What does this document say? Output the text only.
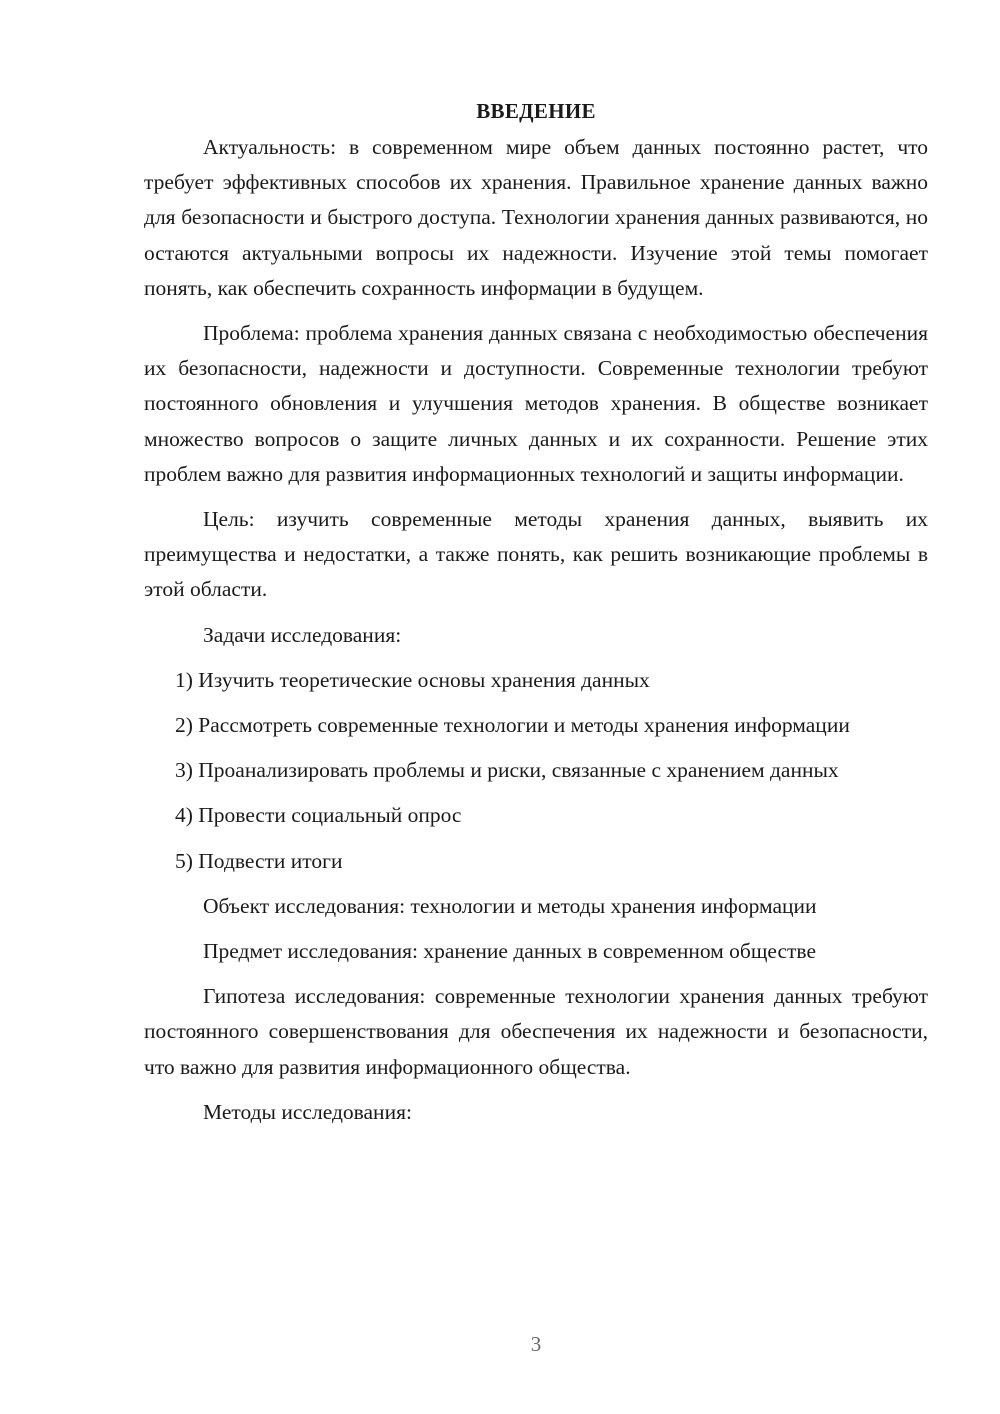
ВВЕДЕНИЕ

Актуальность: в современном мире объем данных постоянно растет, что требует эффективных способов их хранения. Правильное хранение данных важно для безопасности и быстрого доступа. Технологии хранения данных развиваются, но остаются актуальными вопросы их надежности. Изучение этой темы помогает понять, как обеспечить сохранность информации в будущем.

Проблема: проблема хранения данных связана с необходимостью обеспечения их безопасности, надежности и доступности. Современные технологии требуют постоянного обновления и улучшения методов хранения. В обществе возникает множество вопросов о защите личных данных и их сохранности. Решение этих проблем важно для развития информационных технологий и защиты информации.

Цель: изучить современные методы хранения данных, выявить их преимущества и недостатки, а также понять, как решить возникающие проблемы в этой области.

Задачи исследования:

1) Изучить теоретические основы хранения данных

2) Рассмотреть современные технологии и методы хранения информации

3) Проанализировать проблемы и риски, связанные с хранением данных

4) Провести социальный опрос

5) Подвести итоги

Объект исследования: технологии и методы хранения информации

Предмет исследования: хранение данных в современном обществе

Гипотеза исследования: современные технологии хранения данных требуют постоянного совершенствования для обеспечения их надежности и безопасности, что важно для развития информационного общества.

Методы исследования:

3
